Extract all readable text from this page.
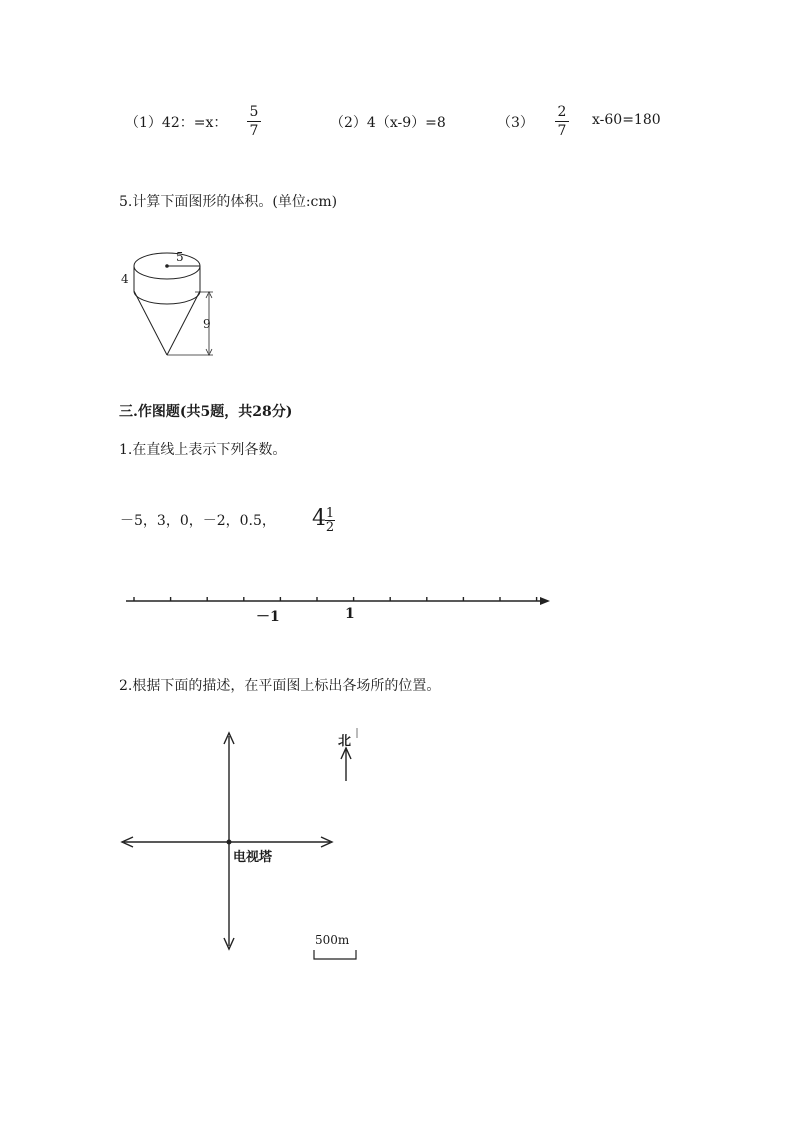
（1）42：=x：
5
7	（2）4（x-9）=8	（3）
2
7
x-60=180
5.计算下面图形的体积。(单位:cm)
5
4
9
三.作图题(共5题，共28分)
1.在直线上表示下列各数。
－5，3，0，－2，0.5， 4 1
2
－1	1
2.根据下面的描述，在平面图上标出各场所的位置。
北
电视塔
500m
